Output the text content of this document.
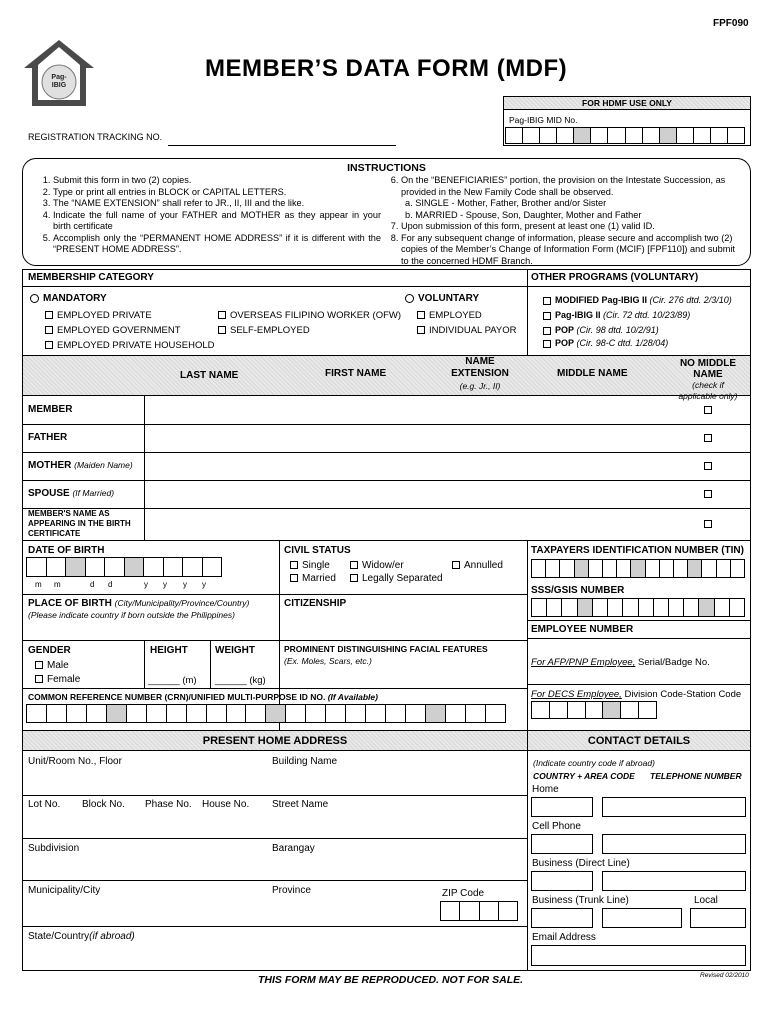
FPF090
Pag-
IBIG
MEMBER’S DATA FORM (MDF)
FOR HDMF USE ONLY
Pag-IBIG MID No.
REGISTRATION TRACKING NO.
INSTRUCTIONS
1. Submit this form in two (2) copies.
2. Type or print all entries in BLOCK or CAPITAL LETTERS.
3. The “NAME EXTENSION” shall refer to JR., II, III and the like.
4. Indicate the full name of your FATHER and MOTHER as they appear in your birth certificate
5. Accomplish only the “PERMANENT HOME ADDRESS” if it is different with the “PRESENT HOME ADDRESS”.
6. On the “BENEFICIARIES” portion, the provision on the Intestate Succession, as provided in the New Family Code shall be observed.
a. SINGLE - Mother, Father, Brother and/or Sister
b. MARRIED - Spouse, Son, Daughter, Mother and Father
7. Upon submission of this form, present at least one (1) valid ID.
8. For any subsequent change of information, please secure and accomplish two (2) copies of the Member’s Change of Information Form (MCIF) [FPF110]) and submit to the concerned HDMF Branch.
MEMBERSHIP CATEGORY	OTHER PROGRAMS (VOLUNTARY)
MANDATORY	VOLUNTARY
EMPLOYED PRIVATE
EMPLOYED GOVERNMENT
EMPLOYED PRIVATE HOUSEHOLD
OVERSEAS FILIPINO WORKER (OFW)
SELF-EMPLOYED
EMPLOYED
INDIVIDUAL PAYOR
MODIFIED Pag-IBIG II (Cir. 276 dtd. 2/3/10)
Pag-IBIG II (Cir. 72 dtd. 10/23/89)
POP (Cir. 98 dtd. 10/2/91)
POP (Cir. 98-C dtd. 1/28/04)
LAST NAME	FIRST NAME
NAME
EXTENSION
(e.g. Jr., II)
MIDDLE NAME
NO MIDDLE NAME
(check if
applicable only)
MEMBER
FATHER
MOTHER (Maiden Name)
SPOUSE (If Married)
MEMBER'S NAME AS APPEARING IN THE BIRTH CERTIFICATE
DATE OF BIRTH
m m	d d	y y y y
CIVIL STATUS
Single	Widow/er	Annulled
Married	Legally Separated
TAXPAYERS IDENTIFICATION NUMBER (TIN)
SSS/GSIS NUMBER
PLACE OF BIRTH (City/Municipality/Province/Country)
(Please indicate country if born outside the Philippines)
CITIZENSHIP
EMPLOYEE NUMBER
GENDER
Male
Female
HEIGHT
______ (m)
WEIGHT
______ (kg)
PROMINENT DISTINGUISHING FACIAL FEATURES
(Ex. Moles, Scars, etc.)	For AFP/PNP Employee, Serial/Badge No.
For DECS Employee, Division Code-Station Code
COMMON REFERENCE NUMBER (CRN)/UNIFIED MULTI-PURPOSE ID NO. (If Available)
PRESENT HOME ADDRESS	CONTACT DETAILS
Unit/Room No., Floor	Building Name
Lot No. Block No. Phase No. House No. Street Name
Subdivision	Barangay
Municipality/City	Province	ZIP Code
State/Country(if abroad)
(Indicate country code if abroad)
COUNTRY + AREA CODE TELEPHONE NUMBER
Home
Cell Phone
Business (Direct Line)
Business (Trunk Line)	Local
Email Address
THIS FORM MAY BE REPRODUCED. NOT FOR SALE.	Revised 02/2010
